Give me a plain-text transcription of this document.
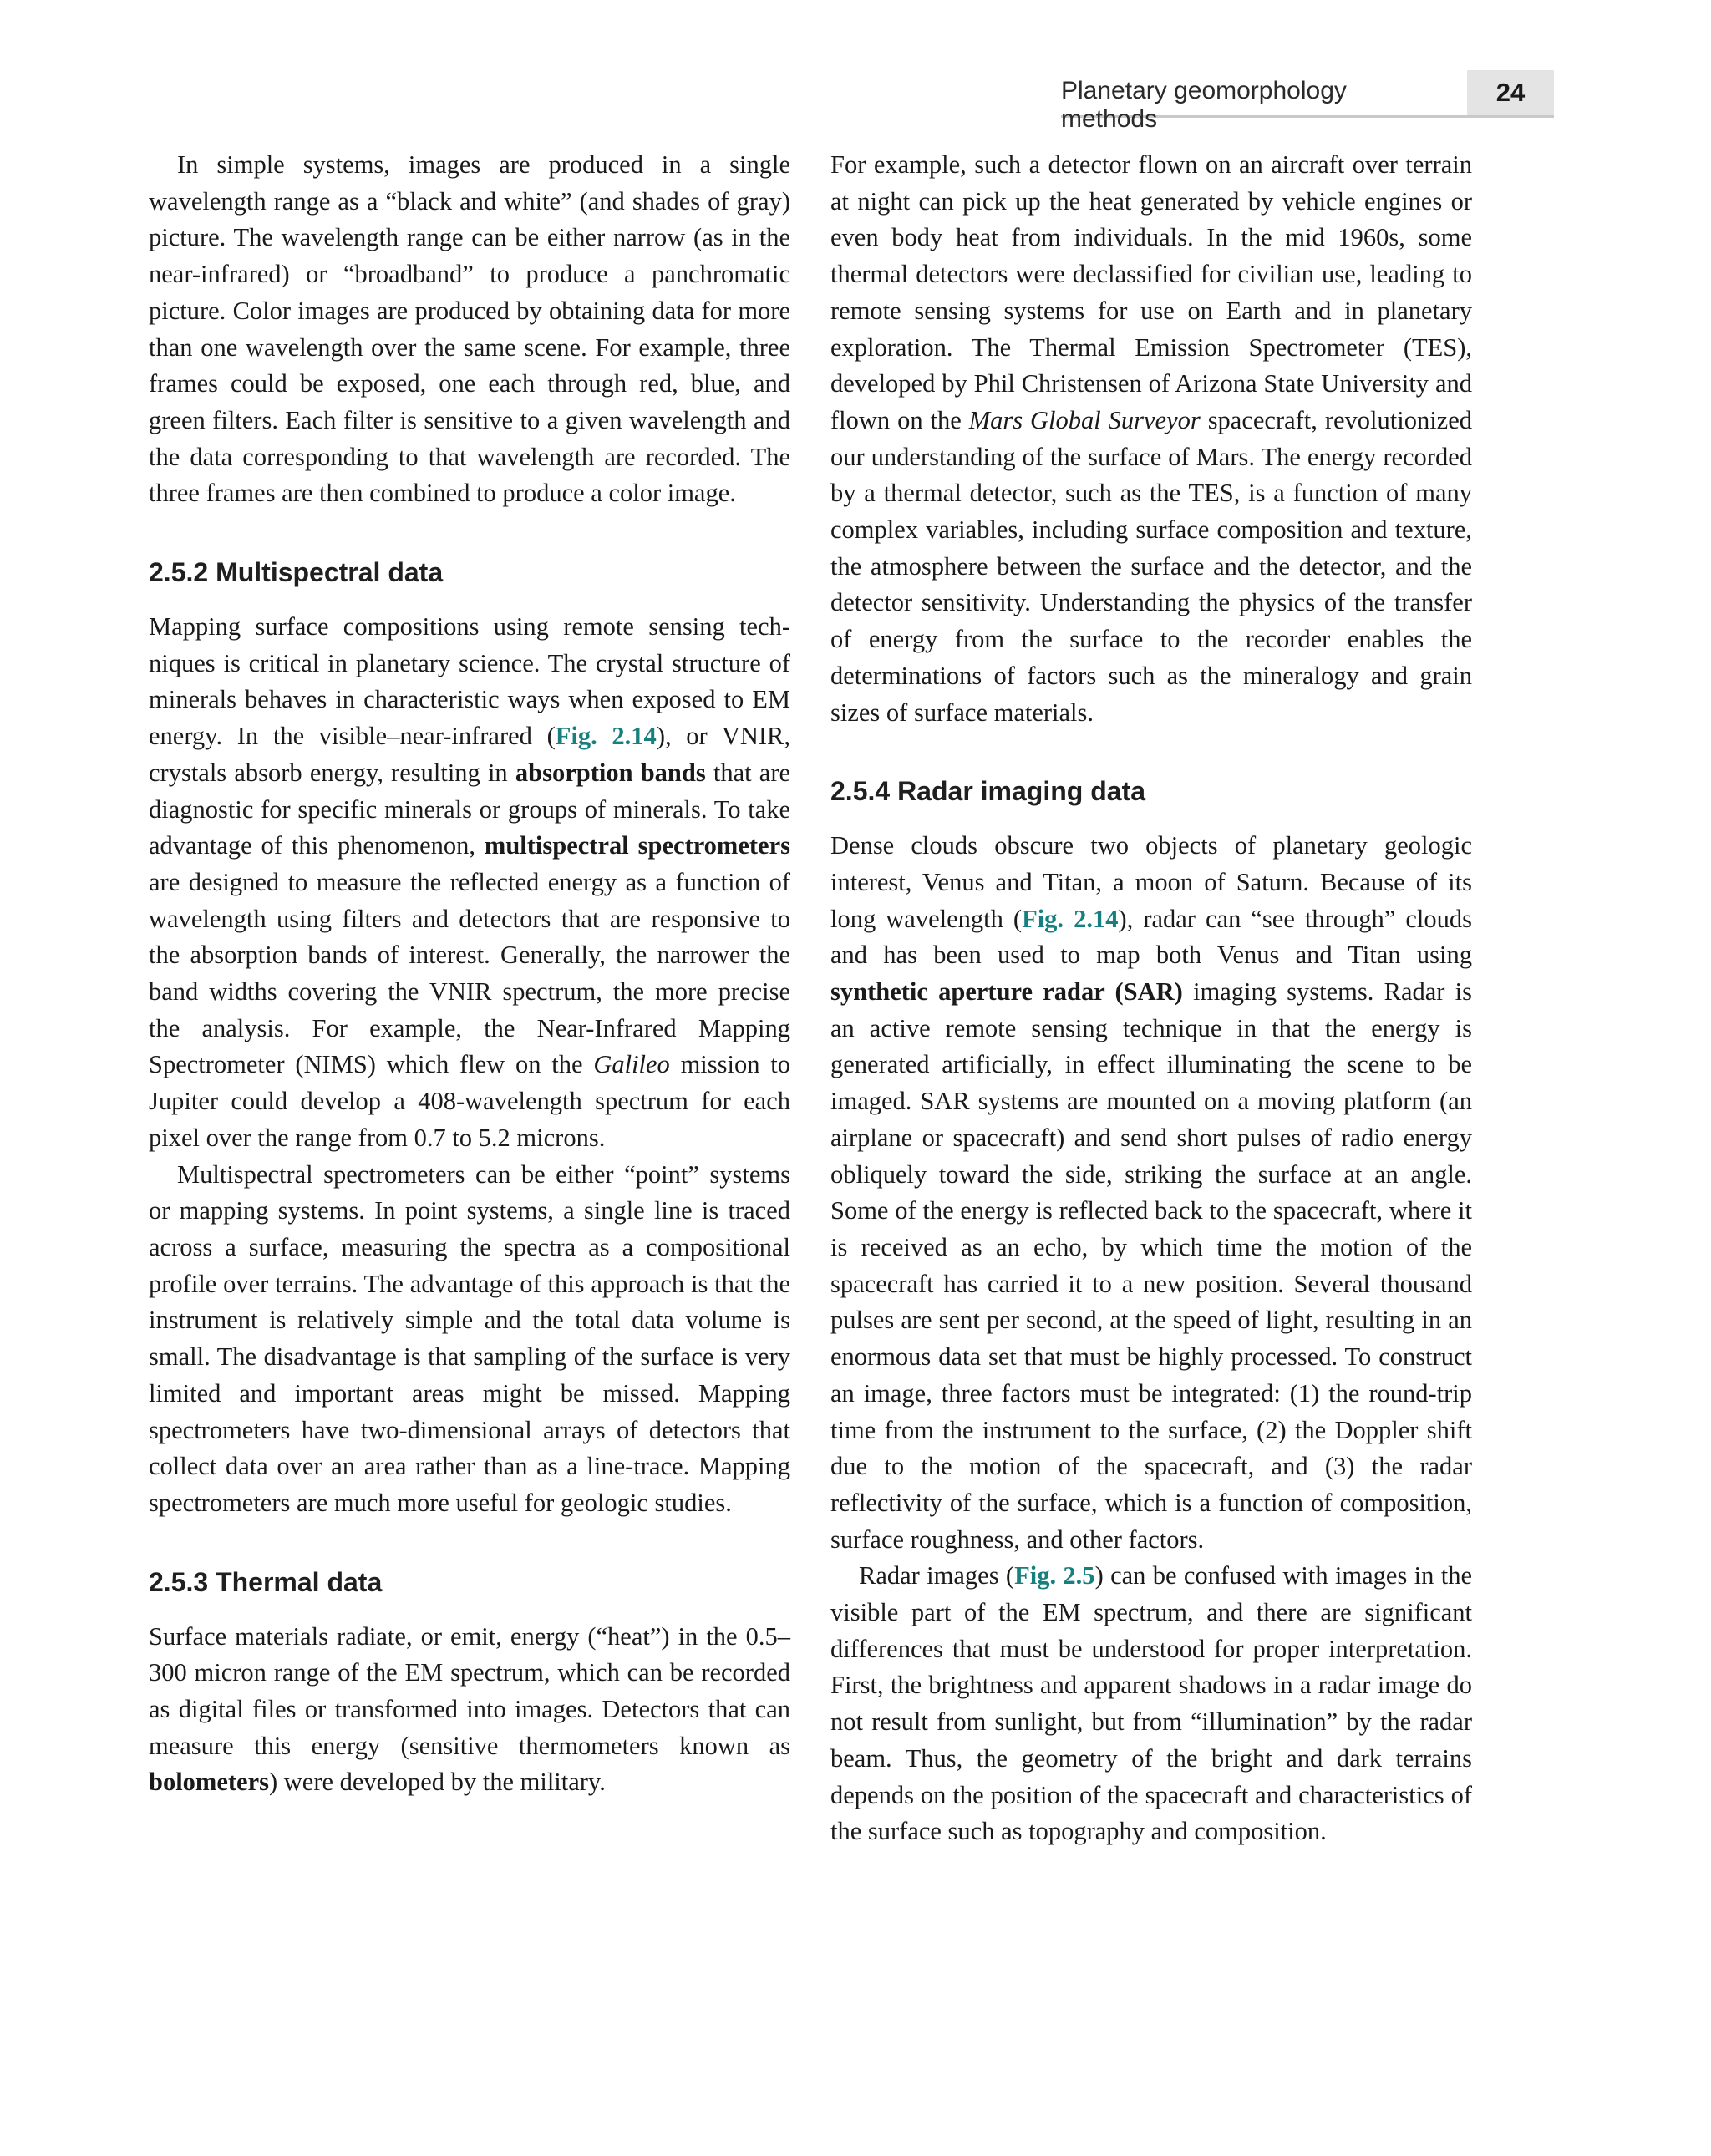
Planetary geomorphology methods
24

In simple systems, images are produced in a single wavelength range as a “black and white” (and shades of gray) picture. The wavelength range can be either narrow (as in the near-infrared) or “broadband” to produce a panchromatic picture. Color images are produced by obtaining data for more than one wavelength over the same scene. For example, three frames could be exposed, one each through red, blue, and green filters. Each filter is sensitive to a given wavelength and the data corresponding to that wavelength are recorded. The three frames are then combined to produce a color image.

2.5.2 Multispectral data

Mapping surface compositions using remote sensing techniques is critical in planetary science. The crystal structure of minerals behaves in characteristic ways when exposed to EM energy. In the visible–near-infrared (Fig. 2.14), or VNIR, crystals absorb energy, resulting in absorption bands that are diagnostic for specific minerals or groups of minerals. To take advantage of this phenomenon, multispectral spectrometers are designed to measure the reflected energy as a function of wavelength using filters and detectors that are responsive to the absorption bands of interest. Generally, the narrower the band widths covering the VNIR spectrum, the more precise the analysis. For example, the Near-Infrared Mapping Spectrometer (NIMS) which flew on the Galileo mission to Jupiter could develop a 408-wavelength spectrum for each pixel over the range from 0.7 to 5.2 microns.

Multispectral spectrometers can be either “point” systems or mapping systems. In point systems, a single line is traced across a surface, measuring the spectra as a compositional profile over terrains. The advantage of this approach is that the instrument is relatively simple and the total data volume is small. The disadvantage is that sampling of the surface is very limited and important areas might be missed. Mapping spectrometers have two-dimensional arrays of detectors that collect data over an area rather than as a line-trace. Mapping spectrometers are much more useful for geologic studies.

2.5.3 Thermal data

Surface materials radiate, or emit, energy (“heat”) in the 0.5–300 micron range of the EM spectrum, which can be recorded as digital files or transformed into images. Detectors that can measure this energy (sensitive thermometers known as bolometers) were developed by the military.

For example, such a detector flown on an aircraft over terrain at night can pick up the heat generated by vehicle engines or even body heat from individuals. In the mid 1960s, some thermal detectors were declassified for civilian use, leading to remote sensing systems for use on Earth and in planetary exploration. The Thermal Emission Spectrometer (TES), developed by Phil Christensen of Arizona State University and flown on the Mars Global Surveyor spacecraft, revolutionized our understanding of the surface of Mars. The energy recorded by a thermal detector, such as the TES, is a function of many complex variables, including surface composition and texture, the atmosphere between the surface and the detector, and the detector sensitivity. Understanding the physics of the transfer of energy from the surface to the recorder enables the determinations of factors such as the mineralogy and grain sizes of surface materials.

2.5.4 Radar imaging data

Dense clouds obscure two objects of planetary geologic interest, Venus and Titan, a moon of Saturn. Because of its long wavelength (Fig. 2.14), radar can “see through” clouds and has been used to map both Venus and Titan using synthetic aperture radar (SAR) imaging systems. Radar is an active remote sensing technique in that the energy is generated artificially, in effect illuminating the scene to be imaged. SAR systems are mounted on a moving platform (an airplane or spacecraft) and send short pulses of radio energy obliquely toward the side, striking the surface at an angle. Some of the energy is reflected back to the spacecraft, where it is received as an echo, by which time the motion of the spacecraft has carried it to a new position. Several thousand pulses are sent per second, at the speed of light, resulting in an enormous data set that must be highly processed. To construct an image, three factors must be integrated: (1) the round-trip time from the instrument to the surface, (2) the Doppler shift due to the motion of the spacecraft, and (3) the radar reflectivity of the surface, which is a function of composition, surface roughness, and other factors.

Radar images (Fig. 2.5) can be confused with images in the visible part of the EM spectrum, and there are significant differences that must be understood for proper interpretation. First, the brightness and apparent shadows in a radar image do not result from sunlight, but from “illumination” by the radar beam. Thus, the geometry of the bright and dark terrains depends on the position of the spacecraft and characteristics of the surface such as topography and composition.
